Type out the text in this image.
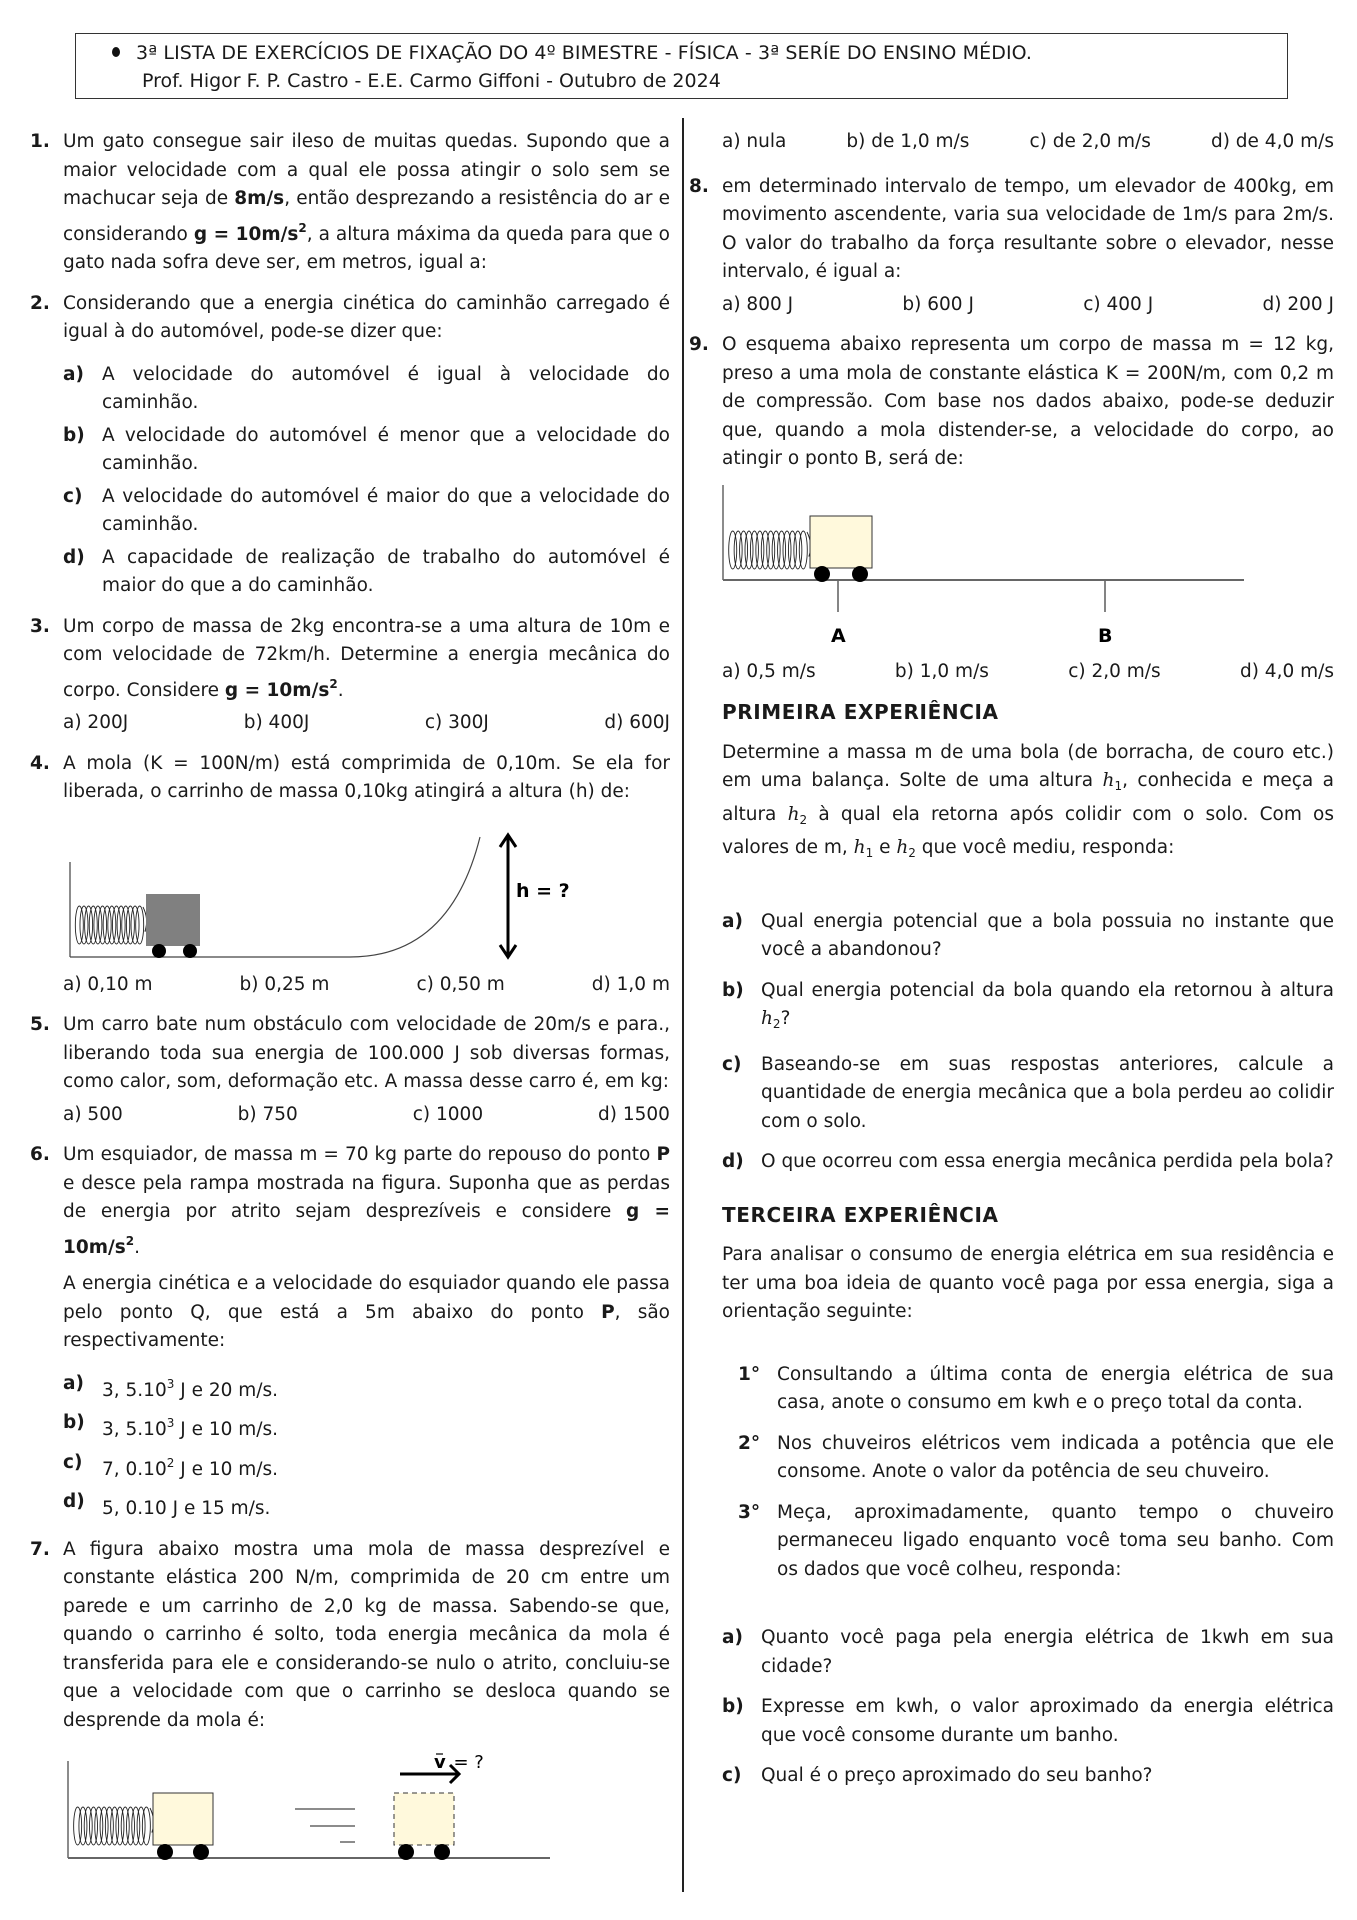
3ª LISTA DE EXERCÍCIOS DE FIXAÇÃO DO 4º BIMESTRE - FÍSICA - 3ª SERÍE DO ENSINO MÉDIO.
Prof. Higor F. P. Castro - E.E. Carmo Giffoni - Outubro de 2024
1. Um gato consegue sair ileso de muitas quedas. Supondo que a maior velocidade com a qual ele possa atingir o solo sem se machucar seja de 8m/s, então desprezando a resistência do ar e considerando $g = 10m/s^2$, a altura máxima da queda para que o gato nada sofra deve ser, em metros, igual a:
2. Considerando que a energia cinética do caminhão carregado é igual à do automóvel, pode-se dizer que:
a) A velocidade do automóvel é igual à velocidade do caminhão.
b) A velocidade do automóvel é menor que a velocidade do caminhão.
c) A velocidade do automóvel é maior do que a velocidade do caminhão.
d) A capacidade de realização de trabalho do automóvel é maior do que a do caminhão.
3. Um corpo de massa de 2kg encontra-se a uma altura de 10m e com velocidade de 72km/h. Determine a energia mecânica do corpo. Considere $g = 10m/s^2$.
a) 200J	b) 400J	c) 300J	d) 600J
4. A mola (K = 100N/m) está comprimida de 0,10m. Se ela for liberada, o carrinho de massa 0,10kg atingirá a altura (h) de:
h = ?
a) 0,10 m	b) 0,25 m	c) 0,50 m	d) 1,0 m
5. Um carro bate num obstáculo com velocidade de 20m/s e para., liberando toda sua energia de 100.000 J sob diversas formas, como calor, som, deformação etc. A massa desse carro é, em kg:
a) 500	b) 750	c) 1000	d) 1500
6. Um esquiador, de massa m = 70 kg parte do repouso do ponto P e desce pela rampa mostrada na figura. Suponha que as perdas de energia por atrito sejam desprezíveis e considere $g = 10m/s^2$.
A energia cinética e a velocidade do esquiador quando ele passa pelo ponto Q, que está a 5m abaixo do ponto P, são respectivamente:
a) 3, 5.10$^3$ J e 20 m/s.
b) 3, 5.10$^3$ J e 10 m/s.
c) 7, 0.10$^2$ J e 10 m/s.
d) 5, 0.10 J e 15 m/s.
7. A figura abaixo mostra uma mola de massa desprezível e constante elástica 200 N/m, comprimida de 20 cm entre um parede e um carrinho de 2,0 kg de massa. Sabendo-se que, quando o carrinho é solto, toda energia mecânica da mola é transferida para ele e considerando-se nulo o atrito, concluiu-se que a velocidade com que o carrinho se desloca quando se desprende da mola é:
v = ?
a) nula	b) de 1,0 m/s	c) de 2,0 m/s	d) de 4,0 m/s
8. em determinado intervalo de tempo, um elevador de 400kg, em movimento ascendente, varia sua velocidade de 1m/s para 2m/s. O valor do trabalho da força resultante sobre o elevador, nesse intervalo, é igual a:
a) 800 J	b) 600 J	c) 400 J	d) 200 J
9. O esquema abaixo representa um corpo de massa m = 12 kg, preso a uma mola de constante elástica K = 200N/m, com 0,2 m de compressão. Com base nos dados abaixo, pode-se deduzir que, quando a mola distender-se, a velocidade do corpo, ao atingir o ponto B, será de:
A	B
a) 0,5 m/s	b) 1,0 m/s	c) 2,0 m/s	d) 4,0 m/s
PRIMEIRA EXPERIÊNCIA
Determine a massa m de uma bola (de borracha, de couro etc.) em uma balança. Solte de uma altura $h_1$, conhecida e meça a altura $h_2$ à qual ela retorna após colidir com o solo. Com os valores de m, $h_1$ e $h_2$ que você mediu, responda:
a) Qual energia potencial que a bola possuia no instante que você a abandonou?
b) Qual energia potencial da bola quando ela retornou à altura $h_2$?
c) Baseando-se em suas respostas anteriores, calcule a quantidade de energia mecânica que a bola perdeu ao colidir com o solo.
d) O que ocorreu com essa energia mecânica perdida pela bola?
TERCEIRA EXPERIÊNCIA
Para analisar o consumo de energia elétrica em sua residência e ter uma boa ideia de quanto você paga por essa energia, siga a orientação seguinte:
1° Consultando a última conta de energia elétrica de sua casa, anote o consumo em kwh e o preço total da conta.
2° Nos chuveiros elétricos vem indicada a potência que ele consome. Anote o valor da potência de seu chuveiro.
3° Meça, aproximadamente, quanto tempo o chuveiro permaneceu ligado enquanto você toma seu banho. Com os dados que você colheu, responda:
a) Quanto você paga pela energia elétrica de 1kwh em sua cidade?
b) Expresse em kwh, o valor aproximado da energia elétrica que você consome durante um banho.
c) Qual é o preço aproximado do seu banho?
